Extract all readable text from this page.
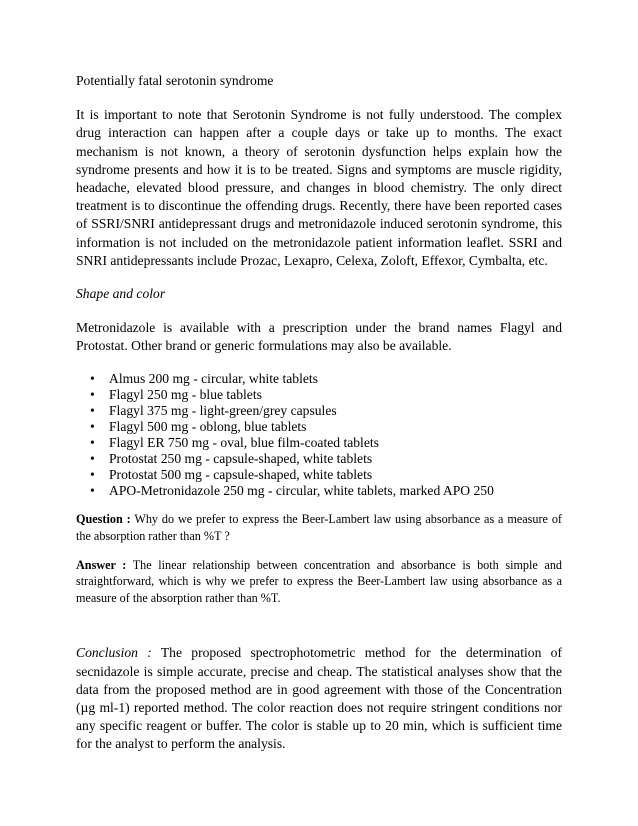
Potentially fatal serotonin syndrome

It is important to note that Serotonin Syndrome is not fully understood. The complex drug interaction can happen after a couple days or take up to months. The exact mechanism is not known, a theory of serotonin dysfunction helps explain how the syndrome presents and how it is to be treated. Signs and symptoms are muscle rigidity, headache, elevated blood pressure, and changes in blood chemistry. The only direct treatment is to discontinue the offending drugs. Recently, there have been reported cases of SSRI/SNRI antidepressant drugs and metronidazole induced serotonin syndrome, this information is not included on the metronidazole patient information leaflet. SSRI and SNRI antidepressants include Prozac, Lexapro, Celexa, Zoloft, Effexor, Cymbalta, etc.

Shape and color

Metronidazole is available with a prescription under the brand names Flagyl and Protostat. Other brand or generic formulations may also be available.

• Almus 200 mg - circular, white tablets
• Flagyl 250 mg - blue tablets
• Flagyl 375 mg - light-green/grey capsules
• Flagyl 500 mg - oblong, blue tablets
• Flagyl ER 750 mg - oval, blue film-coated tablets
• Protostat 250 mg - capsule-shaped, white tablets
• Protostat 500 mg - capsule-shaped, white tablets
• APO-Metronidazole 250 mg - circular, white tablets, marked APO 250

Question : Why do we prefer to express the Beer-Lambert law using absorbance as a measure of the absorption rather than %T ?

Answer : The linear relationship between concentration and absorbance is both simple and straightforward, which is why we prefer to express the Beer-Lambert law using absorbance as a measure of the absorption rather than %T.

Conclusion : The proposed spectrophotometric method for the determination of secnidazole is simple accurate, precise and cheap. The statistical analyses show that the data from the proposed method are in good agreement with those of the Concentration (µg ml-1) reported method. The color reaction does not require stringent conditions nor any specific reagent or buffer. The color is stable up to 20 min, which is sufficient time for the analyst to perform the analysis.
